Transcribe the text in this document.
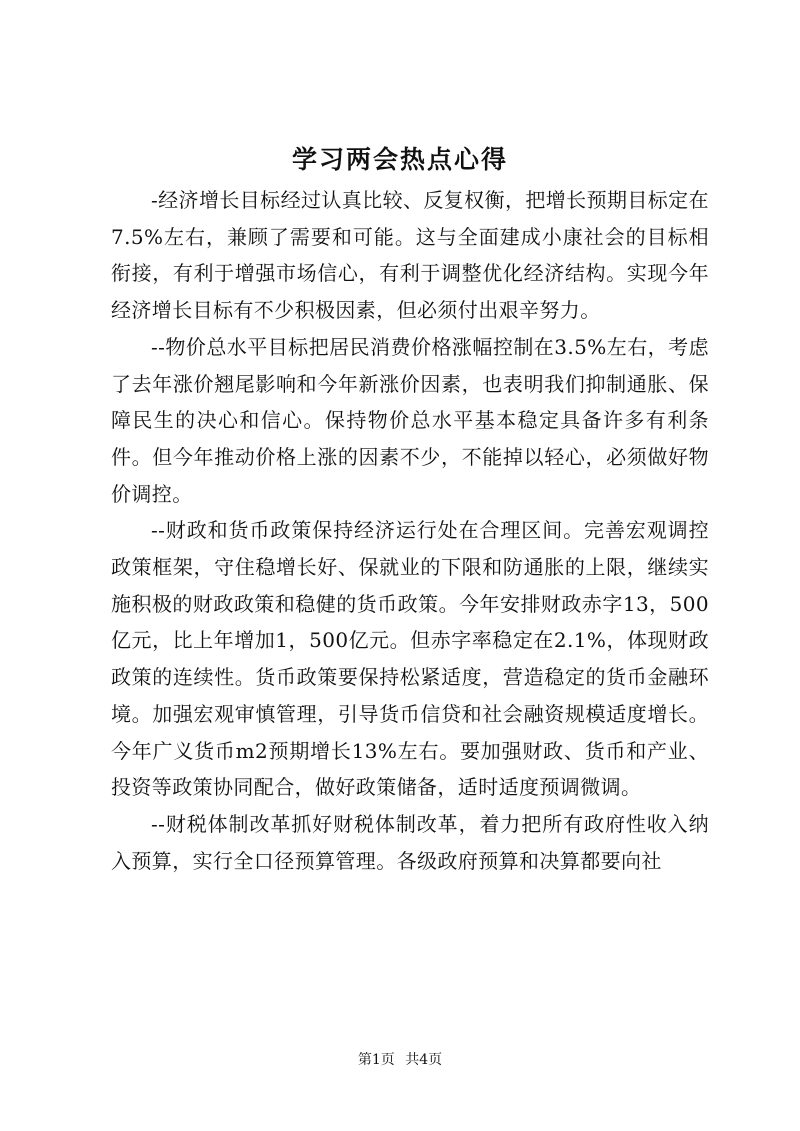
学习两会热点心得

-经济增长目标经过认真比较、反复权衡，把增长预期目标定在7.5%左右，兼顾了需要和可能。这与全面建成小康社会的目标相衔接，有利于增强市场信心，有利于调整优化经济结构。实现今年经济增长目标有不少积极因素，但必须付出艰辛努力。

--物价总水平目标把居民消费价格涨幅控制在3.5%左右，考虑了去年涨价翘尾影响和今年新涨价因素，也表明我们抑制通胀、保障民生的决心和信心。保持物价总水平基本稳定具备许多有利条件。但今年推动价格上涨的因素不少，不能掉以轻心，必须做好物价调控。

--财政和货币政策保持经济运行处在合理区间。完善宏观调控政策框架，守住稳增长好、保就业的下限和防通胀的上限，继续实施积极的财政政策和稳健的货币政策。今年安排财政赤字13，500亿元，比上年增加1，500亿元。但赤字率稳定在2.1%，体现财政政策的连续性。货币政策要保持松紧适度，营造稳定的货币金融环境。加强宏观审慎管理，引导货币信贷和社会融资规模适度增长。今年广义货币m2预期增长13%左右。要加强财政、货币和产业、投资等政策协同配合，做好政策储备，适时适度预调微调。

--财税体制改革抓好财税体制改革，着力把所有政府性收入纳入预算，实行全口径预算管理。各级政府预算和决算都要向社

第1页 共4页
